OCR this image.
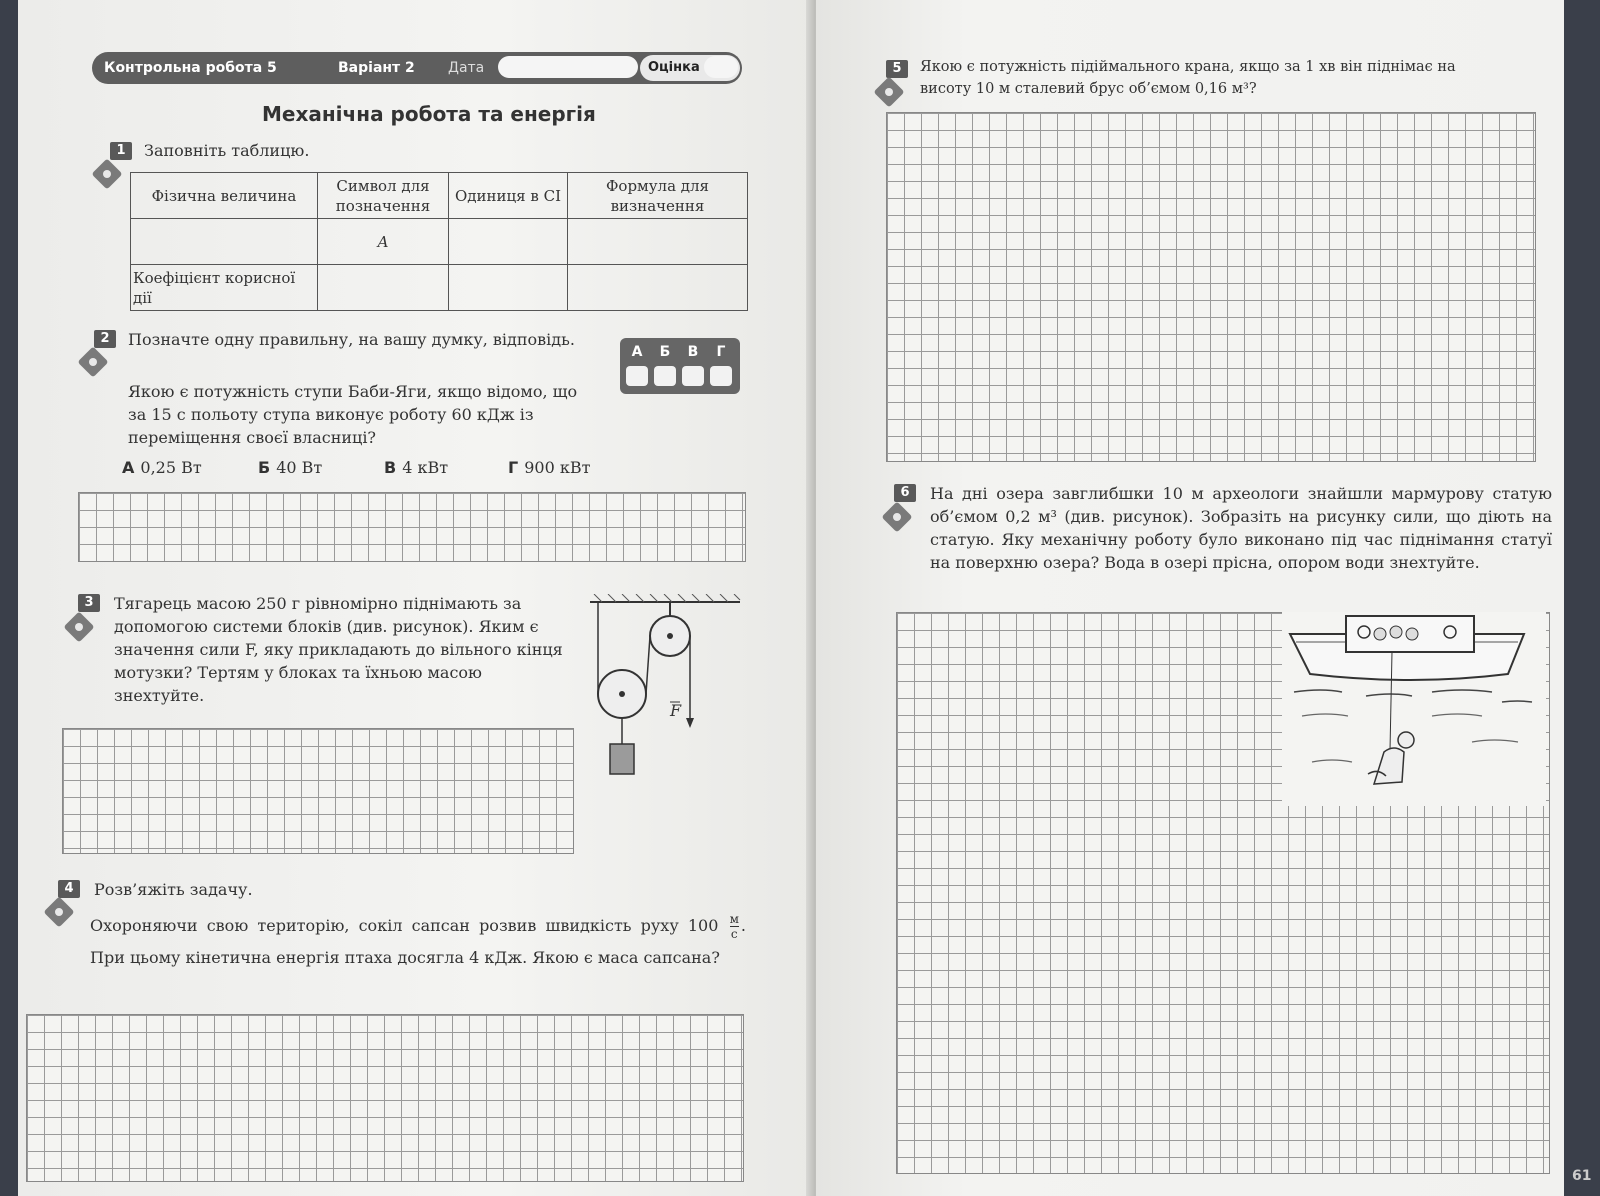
Контрольна робота 5	Варіант 2	Дата	Оцінка
Механічна робота та енергія
1	Заповніть таблицю.
Фізична величина	Символ для позначення	Одиниця в СІ	Формула для визначення
	A		
Коефіцієнт корисної дії			
2	Позначте одну правильну, на вашу думку, відповідь.
Якою є потужність ступи Баби-Яги, якщо відомо, що за 15 с польоту ступа виконує роботу 60 кДж із переміщення своєї власниці?
А	Б	В	Г
А 0,25 Вт	Б 40 Вт	В 4 кВт	Г 900 кВт
3	Тягарець масою 250 г рівномірно піднімають за допомогою системи блоків (див. рисунок). Яким є значення сили F, яку прикладають до вільного кінця мотузки? Тертям у блоках та їхньою масою знехтуйте.
F
4	Розв’яжіть задачу.
Охороняючи свою територію, сокіл сапсан розвив швидкість руху 100 м
с . При цьому кінетична енергія птаха досягла 4 кДж. Якою є маса сапсана?
5	Якою є потужність підіймального крана, якщо за 1 хв він піднімає на висоту 10 м сталевий брус об’ємом 0,16 м³?
6	На дні озера завглибшки 10 м археологи знайшли мармурову статую об’ємом 0,2 м³ (див. рисунок). Зобразіть на рисунку сили, що діють на статую. Яку механічну роботу було виконано під час піднімання статуї на поверхню озера? Вода в озері прісна, опором води знехтуйте.
61
